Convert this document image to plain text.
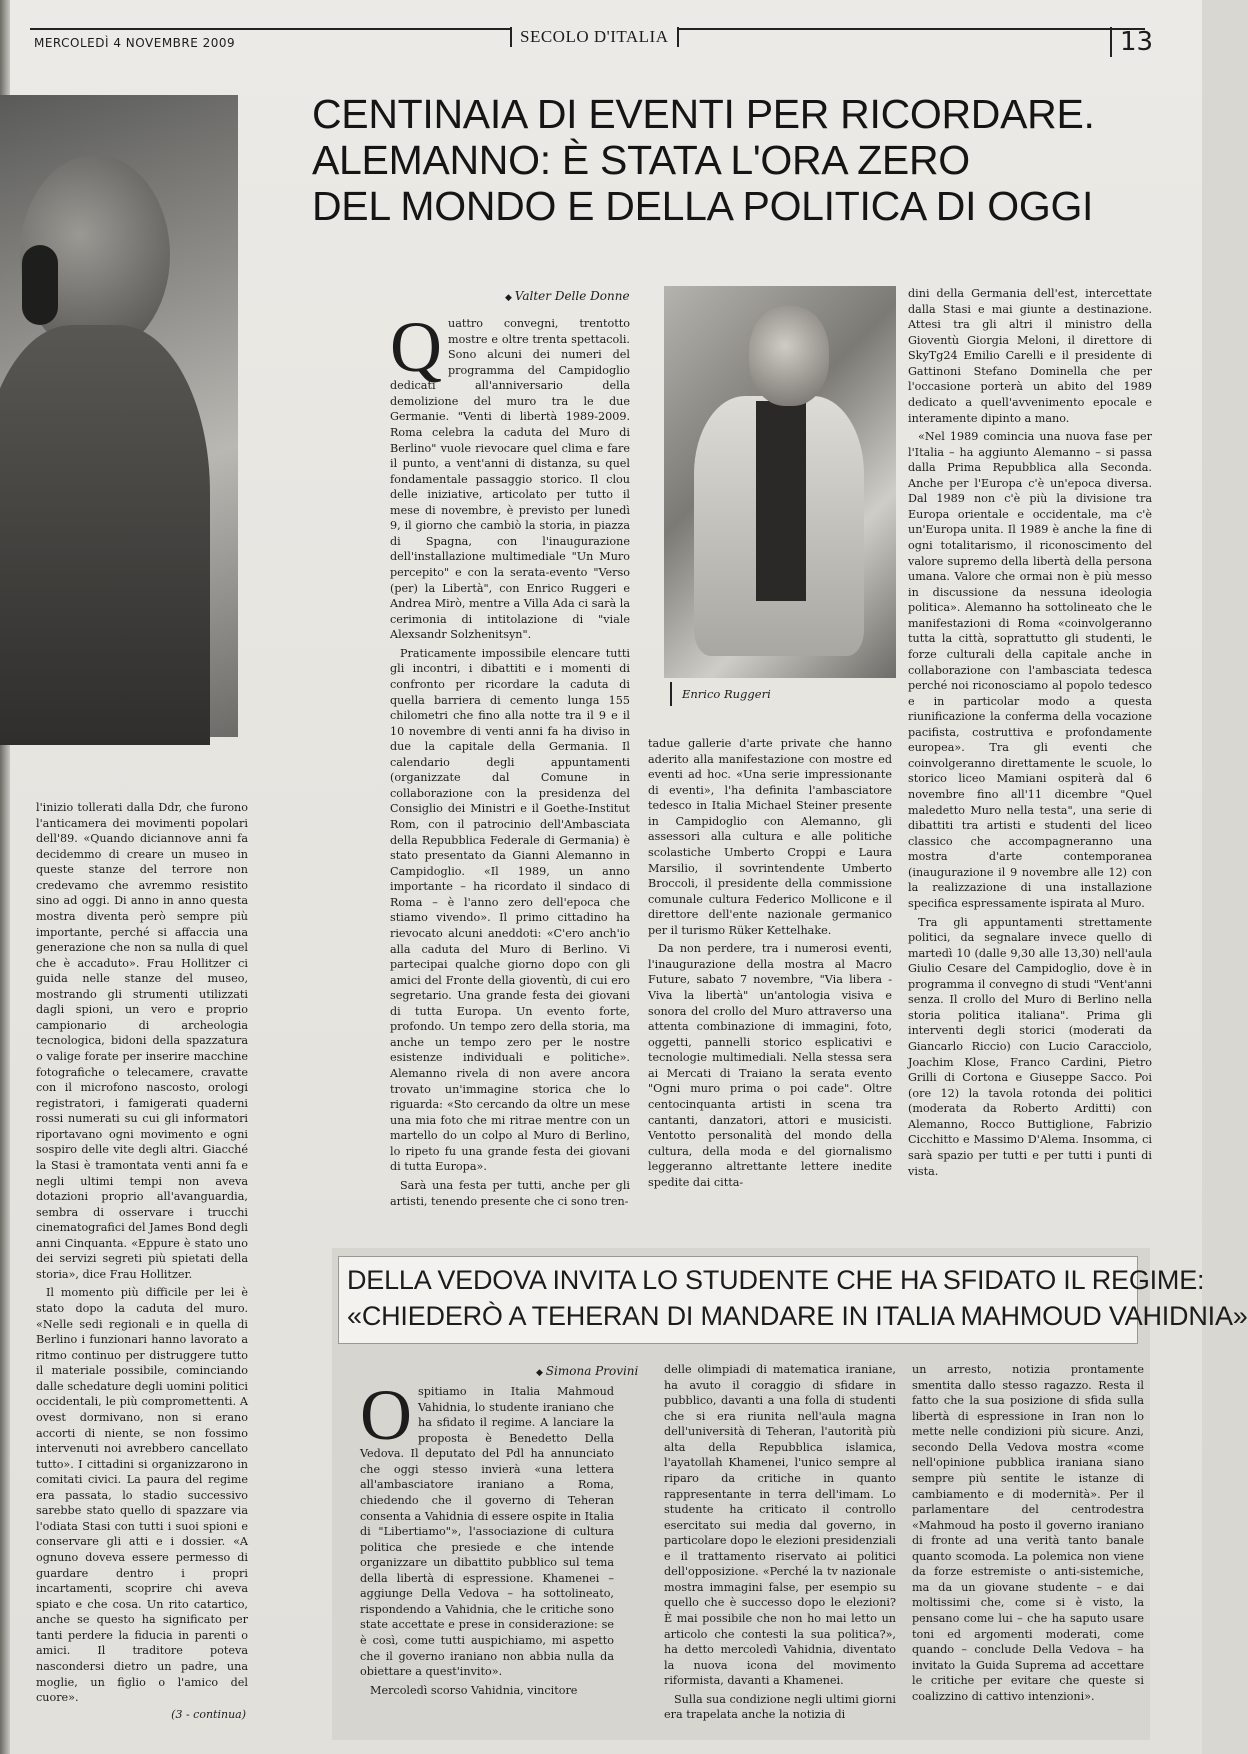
MERCOLEDÌ 4 NOVEMBRE 2009	SECOLO D'ITALIA	13
CENTINAIA DI EVENTI PER RICORDARE.
ALEMANNO: È STATA L'ORA ZERO
DEL MONDO E DELLA POLITICA DI OGGI
◆ Valter Delle Donne

Quattro convegni, trentotto mostre e oltre trenta spettacoli. Sono alcuni dei numeri del programma del Campidoglio dedicati all'anniversario della demolizione del muro tra le due Germanie. "Venti di libertà 1989-2009. Roma celebra la caduta del Muro di Berlino" vuole rievocare quel clima e fare il punto, a vent'anni di distanza, su quel fondamentale passaggio storico. Il clou delle iniziative, articolato per tutto il mese di novembre, è previsto per lunedì 9, il giorno che cambiò la storia, in piazza di Spagna, con l'inaugurazione dell'installazione multimediale "Un Muro percepito" e con la serata-evento "Verso (per) la Libertà", con Enrico Ruggeri e Andrea Mirò, mentre a Villa Ada ci sarà la cerimonia di intitolazione di "viale Alexsandr Solzhenitsyn".

Praticamente impossibile elencare tutti gli incontri, i dibattiti e i momenti di confronto per ricordare la caduta di quella barriera di cemento lunga 155 chilometri che fino alla notte tra il 9 e il 10 novembre di venti anni fa ha diviso in due la capitale della Germania. Il calendario degli appuntamenti (organizzate dal Comune in collaborazione con la presidenza del Consiglio dei Ministri e il Goethe-Institut Rom, con il patrocinio dell'Ambasciata della Repubblica Federale di Germania) è stato presentato da Gianni Alemanno in Campidoglio. «Il 1989, un anno importante – ha ricordato il sindaco di Roma – è l'anno zero dell'epoca che stiamo vivendo». Il primo cittadino ha rievocato alcuni aneddoti: «C'ero anch'io alla caduta del Muro di Berlino. Vi partecipai qualche giorno dopo con gli amici del Fronte della gioventù, di cui ero segretario. Una grande festa dei giovani di tutta Europa. Un evento forte, profondo. Un tempo zero della storia, ma anche un tempo zero per le nostre esistenze individuali e politiche». Alemanno rivela di non avere ancora trovato un'immagine storica che lo riguarda: «Sto cercando da oltre un mese una mia foto che mi ritrae mentre con un martello do un colpo al Muro di Berlino, lo ripeto fu una grande festa dei giovani di tutta Europa».

Sarà una festa per tutti, anche per gli artisti, tenendo presente che ci sono tren-

Enrico Ruggeri

tadue gallerie d'arte private che hanno aderito alla manifestazione con mostre ed eventi ad hoc. «Una serie impressionante di eventi», l'ha definita l'ambasciatore tedesco in Italia Michael Steiner presente in Campidoglio con Alemanno, gli assessori alla cultura e alle politiche scolastiche Umberto Croppi e Laura Marsilio, il sovrintendente Umberto Broccoli, il presidente della commissione comunale cultura Federico Mollicone e il direttore dell'ente nazionale germanico per il turismo Rüker Kettelhake.

Da non perdere, tra i numerosi eventi, l'inaugurazione della mostra al Macro Future, sabato 7 novembre, "Via libera - Viva la libertà" un'antologia visiva e sonora del crollo del Muro attraverso una attenta combinazione di immagini, foto, oggetti, pannelli storico esplicativi e tecnologie multimediali. Nella stessa sera ai Mercati di Traiano la serata evento "Ogni muro prima o poi cade". Oltre centocinquanta artisti in scena tra cantanti, danzatori, attori e musicisti. Ventotto personalità del mondo della cultura, della moda e del giornalismo leggeranno altrettante lettere inedite spedite dai citta-

dini della Germania dell'est, intercettate dalla Stasi e mai giunte a destinazione. Attesi tra gli altri il ministro della Gioventù Giorgia Meloni, il direttore di SkyTg24 Emilio Carelli e il presidente di Gattinoni Stefano Dominella che per l'occasione porterà un abito del 1989 dedicato a quell'avvenimento epocale e interamente dipinto a mano.

«Nel 1989 comincia una nuova fase per l'Italia – ha aggiunto Alemanno – si passa dalla Prima Repubblica alla Seconda. Anche per l'Europa c'è un'epoca diversa. Dal 1989 non c'è più la divisione tra Europa orientale e occidentale, ma c'è un'Europa unita. Il 1989 è anche la fine di ogni totalitarismo, il riconoscimento del valore supremo della libertà della persona umana. Valore che ormai non è più messo in discussione da nessuna ideologia politica». Alemanno ha sottolineato che le manifestazioni di Roma «coinvolgeranno tutta la città, soprattutto gli studenti, le forze culturali della capitale anche in collaborazione con l'ambasciata tedesca perché noi riconosciamo al popolo tedesco e in particolar modo a questa riunificazione la conferma della vocazione pacifista, costruttiva e profondamente europea». Tra gli eventi che coinvolgeranno direttamente le scuole, lo storico liceo Mamiani ospiterà dal 6 novembre fino all'11 dicembre "Quel maledetto Muro nella testa", una serie di dibattiti tra artisti e studenti del liceo classico che accompagneranno una mostra d'arte contemporanea (inaugurazione il 9 novembre alle 12) con la realizzazione di una installazione specifica espressamente ispirata al Muro.

Tra gli appuntamenti strettamente politici, da segnalare invece quello di martedì 10 (dalle 9,30 alle 13,30) nell'aula Giulio Cesare del Campidoglio, dove è in programma il convegno di studi "Vent'anni senza. Il crollo del Muro di Berlino nella storia politica italiana". Prima gli interventi degli storici (moderati da Giancarlo Riccio) con Lucio Caracciolo, Joachim Klose, Franco Cardini, Pietro Grilli di Cortona e Giuseppe Sacco. Poi (ore 12) la tavola rotonda dei politici (moderata da Roberto Arditti) con Alemanno, Rocco Buttiglione, Fabrizio Cicchitto e Massimo D'Alema. Insomma, ci sarà spazio per tutti e per tutti i punti di vista.

l'inizio tollerati dalla Ddr, che furono l'anticamera dei movimenti popolari dell'89. «Quando diciannove anni fa decidemmo di creare un museo in queste stanze del terrore non credevamo che avremmo resistito sino ad oggi. Di anno in anno questa mostra diventa però sempre più importante, perché si affaccia una generazione che non sa nulla di quel che è accaduto». Frau Hollitzer ci guida nelle stanze del museo, mostrando gli strumenti utilizzati dagli spioni, un vero e proprio campionario di archeologia tecnologica, bidoni della spazzatura o valige forate per inserire macchine fotografiche o telecamere, cravatte con il microfono nascosto, orologi registratori, i famigerati quaderni rossi numerati su cui gli informatori riportavano ogni movimento e ogni sospiro delle vite degli altri. Giacché la Stasi è tramontata venti anni fa e negli ultimi tempi non aveva dotazioni proprio all'avanguardia, sembra di osservare i trucchi cinematografici del James Bond degli anni Cinquanta. «Eppure è stato uno dei servizi segreti più spietati della storia», dice Frau Hollitzer.

Il momento più difficile per lei è stato dopo la caduta del muro. «Nelle sedi regionali e in quella di Berlino i funzionari hanno lavorato a ritmo continuo per distruggere tutto il materiale possibile, cominciando dalle schedature degli uomini politici occidentali, le più compromettenti. A ovest dormivano, non si erano accorti di niente, se non fossimo intervenuti noi avrebbero cancellato tutto». I cittadini si organizzarono in comitati civici. La paura del regime era passata, lo stadio successivo sarebbe stato quello di spazzare via l'odiata Stasi con tutti i suoi spioni e conservare gli atti e i dossier. «A ognuno doveva essere permesso di guardare dentro i propri incartamenti, scoprire chi aveva spiato e che cosa. Un rito catartico, anche se questo ha significato per tanti perdere la fiducia in parenti o amici. Il traditore poteva nascondersi dietro un padre, una moglie, un figlio o l'amico del cuore».

(3 - continua)
DELLA VEDOVA INVITA LO STUDENTE CHE HA SFIDATO IL REGIME:
«CHIEDERÒ A TEHERAN DI MANDARE IN ITALIA MAHMOUD VAHIDNIA»
◆ Simona Provini

Ospitiamo in Italia Mahmoud Vahidnia, lo studente iraniano che ha sfidato il regime. A lanciare la proposta è Benedetto Della Vedova. Il deputato del Pdl ha annunciato che oggi stesso invierà «una lettera all'ambasciatore iraniano a Roma, chiedendo che il governo di Teheran consenta a Vahidnia di essere ospite in Italia di "Libertiamo"», l'associazione di cultura politica che presiede e che intende organizzare un dibattito pubblico sul tema della libertà di espressione. Khamenei – aggiunge Della Vedova – ha sottolineato, rispondendo a Vahidnia, che le critiche sono state accettate e prese in considerazione: se è così, come tutti auspichiamo, mi aspetto che il governo iraniano non abbia nulla da obiettare a quest'invito».

Mercoledì scorso Vahidnia, vincitore

delle olimpiadi di matematica iraniane, ha avuto il coraggio di sfidare in pubblico, davanti a una folla di studenti che si era riunita nell'aula magna dell'università di Teheran, l'autorità più alta della Repubblica islamica, l'ayatollah Khamenei, l'unico sempre al riparo da critiche in quanto rappresentante in terra dell'imam. Lo studente ha criticato il controllo esercitato sui media dal governo, in particolare dopo le elezioni presidenziali e il trattamento riservato ai politici dell'opposizione. «Perché la tv nazionale mostra immagini false, per esempio su quello che è successo dopo le elezioni? È mai possibile che non ho mai letto un articolo che contesti la sua politica?», ha detto mercoledì Vahidnia, diventato la nuova icona del movimento riformista, davanti a Khamenei.

Sulla sua condizione negli ultimi giorni era trapelata anche la notizia di

un arresto, notizia prontamente smentita dallo stesso ragazzo. Resta il fatto che la sua posizione di sfida sulla libertà di espressione in Iran non lo mette nelle condizioni più sicure. Anzi, secondo Della Vedova mostra «come nell'opinione pubblica iraniana siano sempre più sentite le istanze di cambiamento e di modernità». Per il parlamentare del centrodestra «Mahmoud ha posto il governo iraniano di fronte ad una verità tanto banale quanto scomoda. La polemica non viene da forze estremiste o anti-sistemiche, ma da un giovane studente – e dai moltissimi che, come si è visto, la pensano come lui – che ha saputo usare toni ed argomenti moderati, come quando – conclude Della Vedova – ha invitato la Guida Suprema ad accettare le critiche per evitare che queste si coalizzino di cattivo intenzioni».
